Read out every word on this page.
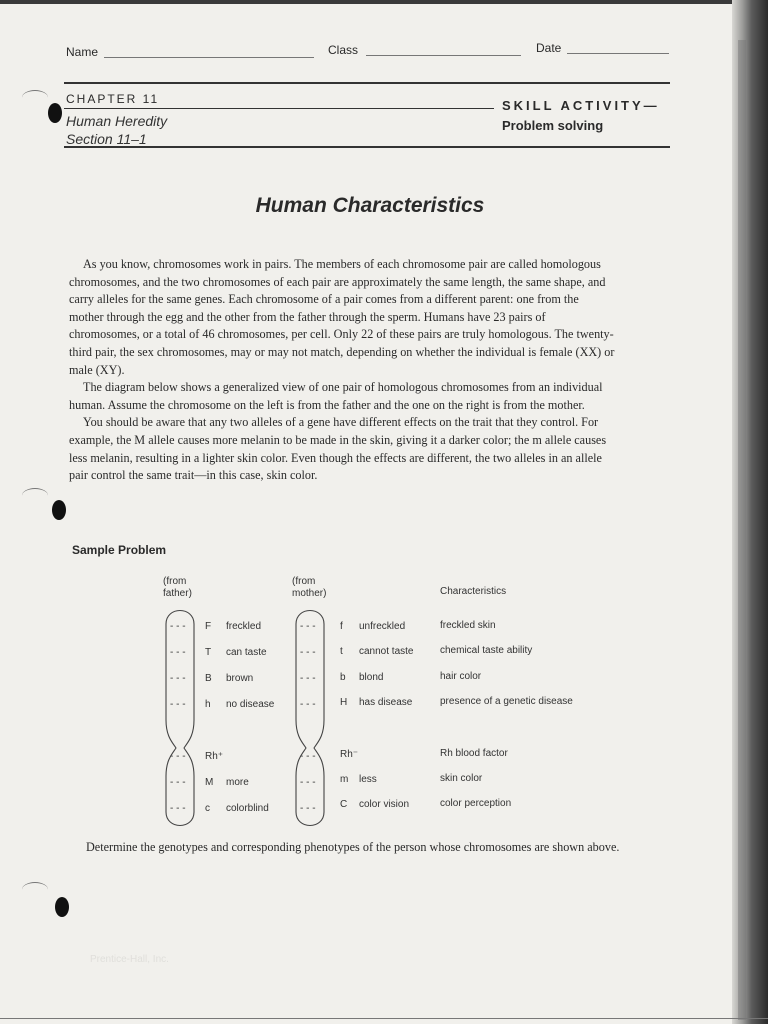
Name	Class	Date
CHAPTER 11
Human Heredity
Section 11–1
SKILL ACTIVITY—
Problem solving
Human Characteristics

As you know, chromosomes work in pairs. The members of each chromosome pair are called homologous chromosomes, and the two chromosomes of each pair are approximately the same length, the same shape, and carry alleles for the same genes. Each chromosome of a pair comes from a different parent: one from the mother through the egg and the other from the father through the sperm. Humans have 23 pairs of chromosomes, or a total of 46 chromosomes, per cell. Only 22 of these pairs are truly homologous. The twenty-third pair, the sex chromosomes, may or may not match, depending on whether the individual is female (XX) or male (XY).

The diagram below shows a generalized view of one pair of homologous chromosomes from an individual human. Assume the chromosome on the left is from the father and the one on the right is from the mother.

You should be aware that any two alleles of a gene have different effects on the trait that they control. For example, the M allele causes more melanin to be made in the skin, giving it a darker color; the m allele causes less melanin, resulting in a lighter skin color. Even though the effects are different, the two alleles in an allele pair control the same trait—in this case, skin color.

Sample Problem
(from
father)
(from
mother)	Characteristics
- - - F freckled	- - - f unfreckled	freckled skin
- - - T can taste	- - - t cannot taste	chemical taste ability
- - - B brown	- - - b blond	hair color
- - - h no disease	- - - H has disease	presence of a genetic disease
- - - Rh⁺	- - - Rh⁻	Rh blood factor
- - - M more	- - - m less	skin color
- - - c colorblind	- - - C color vision	color perception

Determine the genotypes and corresponding phenotypes of the person whose chromosomes are shown above.

Prentice-Hall, Inc.
